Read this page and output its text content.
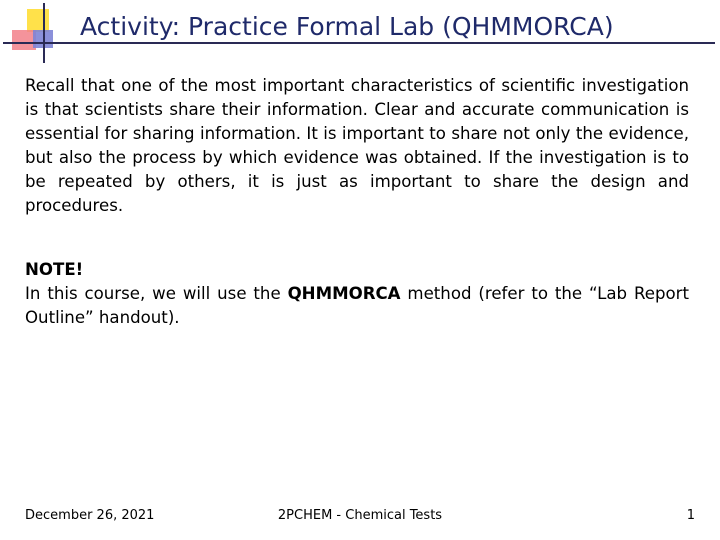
Activity: Practice Formal Lab (QHMMORCA)

Recall that one of the most important characteristics of scientific investigation is that scientists share their information. Clear and accurate communication is essential for sharing information. It is important to share not only the evidence, but also the process by which evidence was obtained. If the investigation is to be repeated by others, it is just as important to share the design and procedures.

NOTE!

In this course, we will use the QHMMORCA method (refer to the “Lab Report Outline” handout).

December 26, 2021	2PCHEM - Chemical Tests	1
